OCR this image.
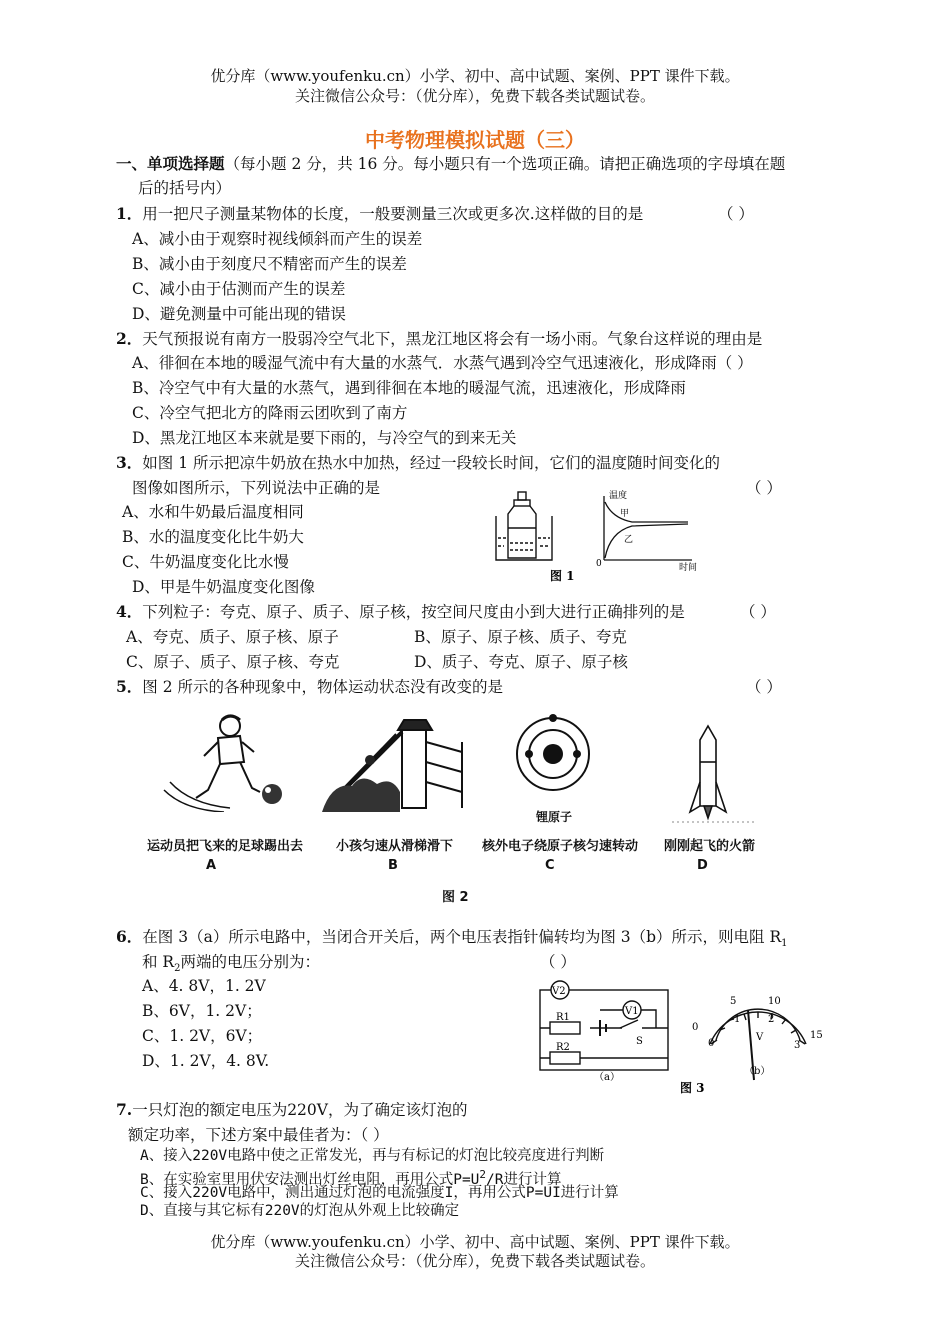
优分库（www.youfenku.cn）小学、初中、高中试题、案例、PPT 课件下载。
关注微信公众号：（优分库），免费下载各类试题试卷。
中考物理模拟试题（三）
一、单项选择题（每小题 2 分，共 16 分。每小题只有一个选项正确。请把正确选项的字母填在题
后的括号内）
1．用一把尺子测量某物体的长度，一般要测量三次或更多次.这样做的目的是	（ ）
A、减小由于观察时视线倾斜而产生的误差
B、减小由于刻度尺不精密而产生的误差
C、减小由于估测而产生的误差
D、避免测量中可能出现的错误
2．天气预报说有南方一股弱冷空气北下，黑龙江地区将会有一场小雨。气象台这样说的理由是
A、徘徊在本地的暖湿气流中有大量的水蒸气．水蒸气遇到冷空气迅速液化，形成降雨（ ）
B、冷空气中有大量的水蒸气，遇到徘徊在本地的暖湿气流，迅速液化，形成降雨
C、冷空气把北方的降雨云团吹到了南方
D、黑龙江地区本来就是要下雨的，与冷空气的到来无关
3．如图 1 所示把凉牛奶放在热水中加热，经过一段较长时间，它们的温度随时间变化的
图像如图所示，下列说法中正确的是	（ ）
A、水和牛奶最后温度相同
B、水的温度变化比牛奶大
C、牛奶温度变化比水慢
D、甲是牛奶温度变化图像
温度
时间
0
甲
乙
图 1
4．下列粒子：夸克、原子、质子、原子核，按空间尺度由小到大进行正确排列的是	（ ）
A、夸克、质子、原子核、原子	B、原子、原子核、质子、夸克
C、原子、质子、原子核、夸克	D、质子、夸克、原子、原子核
5．图 2 所示的各种现象中，物体运动状态没有改变的是	（ ）
锂原子
运动员把飞来的足球踢出去	小孩匀速从滑梯滑下 核外电子绕原子核匀速转动 刚刚起飞的火箭
A	B	C	D
图 2
6．在图 3（a）所示电路中，当闭合开关后，两个电压表指针偏转均为图 3（b）所示，则电阻 $R_1$
和 $R_2$两端的电压分别为：	（ ）
A、4. 8V，1. 2V
B、6V，1. 2V；
C、1. 2V，6V；
D、1. 2V，4. 8V.
V2
V1
R1
R2
S
（a）
5	10
15
0
0
1	2
3
V
（b）
图 3
7.一只灯泡的额定电压为220V，为了确定该灯泡的
额定功率，下述方案中最佳者为：（ ）
A、接入220V电路中使之正常发光，再与有标记的灯泡比较亮度进行判断
B、在实验室里用伏安法测出灯丝电阻，再用公式$P=U^2/R$进行计算
C、接入220V电路中，测出通过灯泡的电流强度I，再用公式P=UI进行计算
D、直接与其它标有220V的灯泡从外观上比较确定
优分库（www.youfenku.cn）小学、初中、高中试题、案例、PPT 课件下载。
关注微信公众号：（优分库），免费下载各类试题试卷。
